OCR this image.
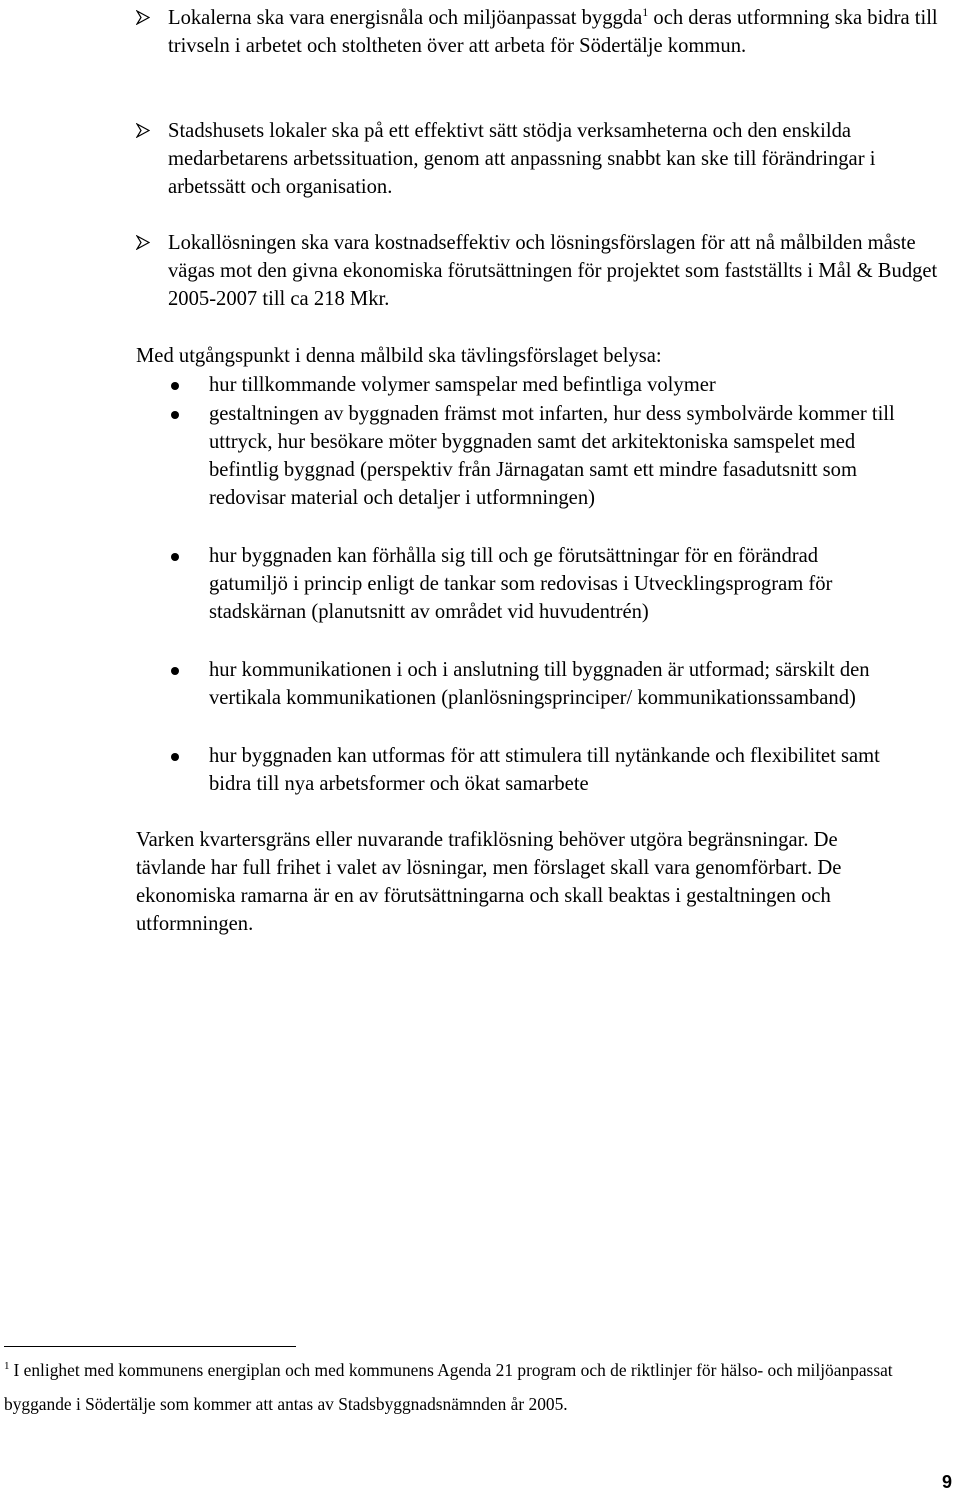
Lokalerna ska vara energisnåla och miljöanpassat byggda$^1$ och deras utformning ska bidra till trivseln i arbetet och stoltheten över att arbeta för Södertälje kommun.
Stadshusets lokaler ska på ett effektivt sätt stödja verksamheterna och den enskilda medarbetarens arbetssituation, genom att anpassning snabbt kan ske till förändringar i arbetssätt och organisation.
Lokallösningen ska vara kostnadseffektiv och lösningsförslagen för att nå målbilden måste vägas mot den givna ekonomiska förutsättningen för projektet som fastställts i Mål & Budget 2005-2007 till ca 218 Mkr.
Med utgångspunkt i denna målbild ska tävlingsförslaget belysa:
hur tillkommande volymer samspelar med befintliga volymer
gestaltningen av byggnaden främst mot infarten, hur dess symbolvärde kommer till uttryck, hur besökare möter byggnaden samt det arkitektoniska samspelet med befintlig byggnad (perspektiv från Järnagatan samt ett mindre fasadutsnitt som redovisar material och detaljer i utformningen)
hur byggnaden kan förhålla sig till och ge förutsättningar för en förändrad gatumiljö i princip enligt de tankar som redovisas i Utvecklingsprogram för stadskärnan (planutsnitt av området vid huvudentrén)
hur kommunikationen i och i anslutning till byggnaden är utformad; särskilt den vertikala kommunikationen (planlösningsprinciper/ kommunikationssamband)
hur byggnaden kan utformas för att stimulera till nytänkande och flexibilitet samt bidra till nya arbetsformer och ökat samarbete
Varken kvartersgräns eller nuvarande trafiklösning behöver utgöra begränsningar. De tävlande har full frihet i valet av lösningar, men förslaget skall vara genomförbart. De ekonomiska ramarna är en av förutsättningarna och skall beaktas i gestaltningen och utformningen.
$^1$ I enlighet med kommunens energiplan och med kommunens Agenda 21 program och de riktlinjer för hälso- och miljöanpassat byggande i Södertälje som kommer att antas av Stadsbyggnadsnämnden år 2005.
9
